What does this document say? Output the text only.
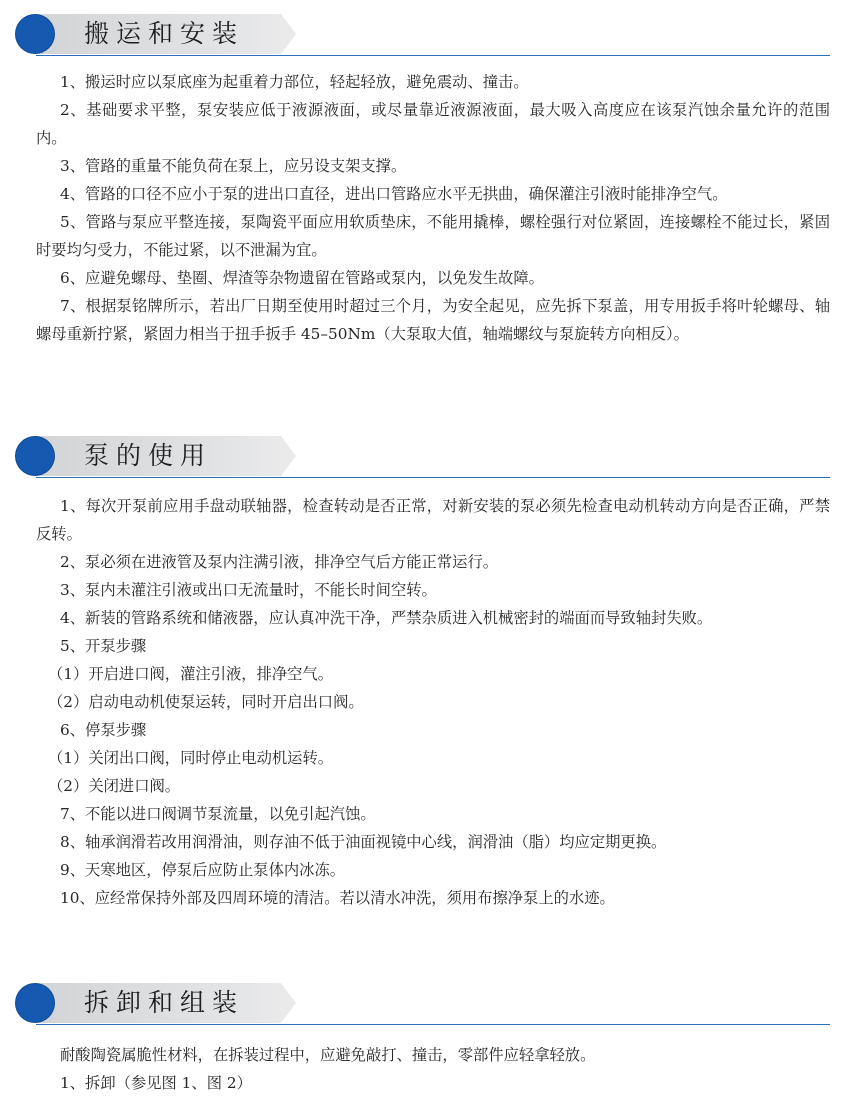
搬运和安装

1、搬运时应以泵底座为起重着力部位，轻起轻放，避免震动、撞击。

2、基础要求平整，泵安装应低于液源液面，或尽量靠近液源液面，最大吸入高度应在该泵汽蚀余量允许的范围内。

3、管路的重量不能负荷在泵上，应另设支架支撑。

4、管路的口径不应小于泵的进出口直径，进出口管路应水平无拱曲，确保灌注引液时能排净空气。

5、管路与泵应平整连接，泵陶瓷平面应用软质垫床，不能用撬棒，螺栓强行对位紧固，连接螺栓不能过长，紧固时要均匀受力，不能过紧，以不泄漏为宜。

6、应避免螺母、垫圈、焊渣等杂物遗留在管路或泵内，以免发生故障。

7、根据泵铭牌所示，若出厂日期至使用时超过三个月，为安全起见，应先拆下泵盖，用专用扳手将叶轮螺母、轴螺母重新拧紧，紧固力相当于扭手扳手 45–50Nm（大泵取大值，轴端螺纹与泵旋转方向相反）。

泵的使用

1、每次开泵前应用手盘动联轴器，检查转动是否正常，对新安装的泵必须先检查电动机转动方向是否正确，严禁反转。

2、泵必须在进液管及泵内注满引液，排净空气后方能正常运行。

3、泵内未灌注引液或出口无流量时，不能长时间空转。

4、新装的管路系统和储液器，应认真冲洗干净，严禁杂质进入机械密封的端面而导致轴封失败。

5、开泵步骤

（1）开启进口阀，灌注引液，排净空气。

（2）启动电动机使泵运转，同时开启出口阀。

6、停泵步骤

（1）关闭出口阀，同时停止电动机运转。

（2）关闭进口阀。

7、不能以进口阀调节泵流量，以免引起汽蚀。

8、轴承润滑若改用润滑油，则存油不低于油面视镜中心线，润滑油（脂）均应定期更换。

9、天寒地区，停泵后应防止泵体内冰冻。

10、应经常保持外部及四周环境的清洁。若以清水冲洗，须用布擦净泵上的水迹。

拆卸和组装

耐酸陶瓷属脆性材料，在拆装过程中，应避免敲打、撞击，零部件应轻拿轻放。

1、拆卸（参见图 1、图 2）
